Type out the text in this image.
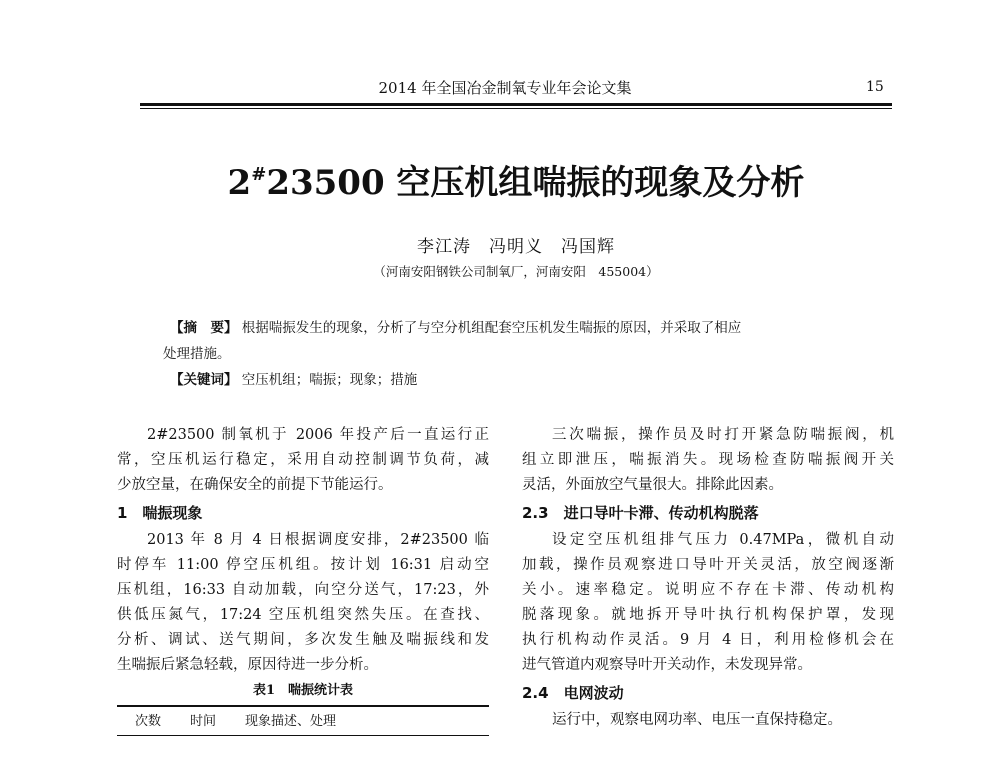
2014 年全国冶金制氧专业年会论文集	15
2#23500 空压机组喘振的现象及分析
李江涛　冯明义　冯国辉
（河南安阳钢铁公司制氧厂，河南安阳　455004）
【摘　要】 根据喘振发生的现象，分析了与空分机组配套空压机发生喘振的原因，并采取了相应
处理措施。
【关键词】 空压机组；喘振；现象；措施
2#23500 制氧机于 2006 年投产后一直运行正
常，空压机运行稳定，采用自动控制调节负荷，减
少放空量，在确保安全的前提下节能运行。
1　喘振现象
2013 年 8 月 4 日根据调度安排，2#23500 临
时停车 11:00 停空压机组。按计划 16:31 启动空
压机组，16:33 自动加载，向空分送气，17:23，外
供低压氮气，17:24 空压机组突然失压。在查找、
分析、调试、送气期间，多次发生触及喘振线和发
生喘振后紧急轻载，原因待进一步分析。
表1　喘振统计表
次数 时间 现象描述、处理
三次喘振，操作员及时打开紧急防喘振阀，机
组立即泄压，喘振消失。现场检查防喘振阀开关
灵活，外面放空气量很大。排除此因素。
2.3　进口导叶卡滞、传动机构脱落
设定空压机组排气压力 0.47MPa，微机自动
加载，操作员观察进口导叶开关灵活，放空阀逐渐
关小。速率稳定。说明应不存在卡滞、传动机构
脱落现象。就地拆开导叶执行机构保护罩，发现
执行机构动作灵活。9 月 4 日，利用检修机会在
进气管道内观察导叶开关动作，未发现异常。
2.4　电网波动
运行中，观察电网功率、电压一直保持稳定。
